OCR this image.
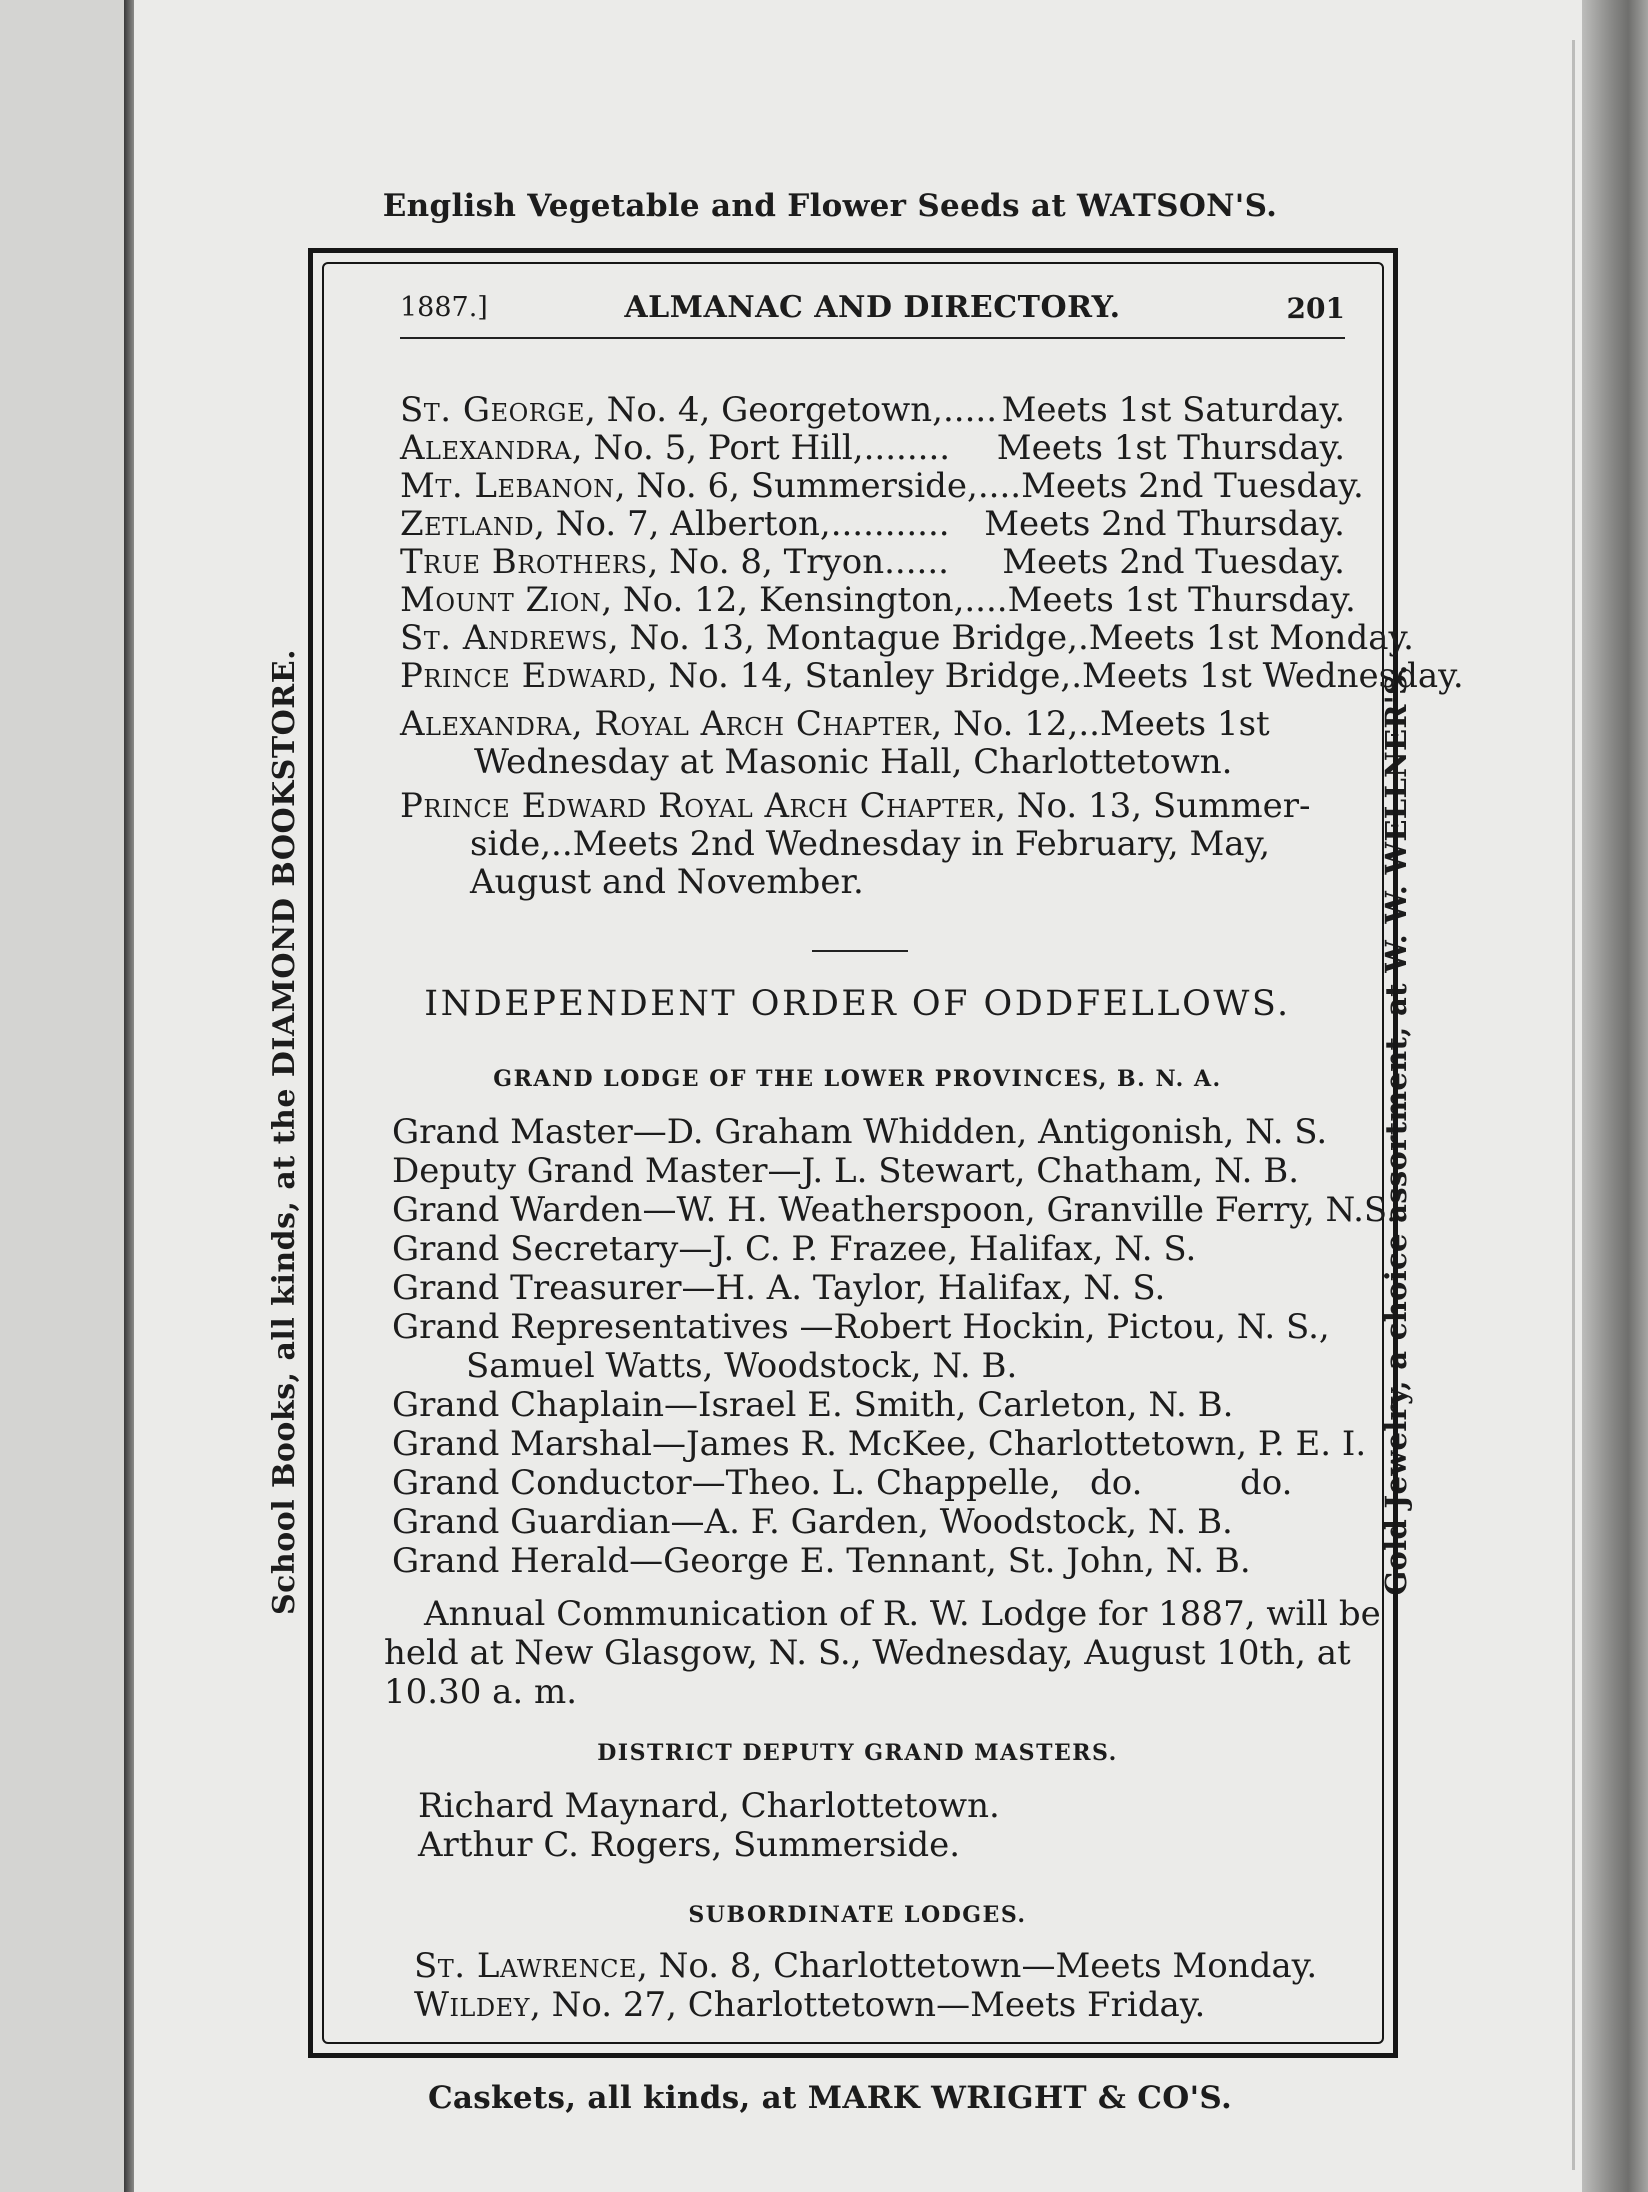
English Vegetable and Flower Seeds at WATSON'S.
School Books, all kinds, at the DIAMOND BOOKSTORE.	Gold Jewelry, a choice assortment, at W. W. WELLNER'S.
Caskets, all kinds, at MARK WRIGHT & CO'S.
1887.]	ALMANAC AND DIRECTORY.	201
St. George, No. 4, Georgetown,..... Meets 1st Saturday.
Alexandra, No. 5, Port Hill,........ Meets 1st Thursday.
Mt. Lebanon, No. 6, Summerside,.... Meets 2nd Tuesday.
Zetland, No. 7, Alberton,........... Meets 2nd Thursday.
True Brothers, No. 8, Tryon...... Meets 2nd Tuesday.
Mount Zion, No. 12, Kensington,.... Meets 1st Thursday.
St. Andrews, No. 13, Montague Bridge,. Meets 1st Monday.
Prince Edward, No. 14, Stanley Bridge,. Meets 1st Wednesday.
Alexandra, Royal Arch Chapter, No. 12,..Meets 1st
Wednesday at Masonic Hall, Charlottetown.
Prince Edward Royal Arch Chapter, No. 13, Summer-
side,..Meets 2nd Wednesday in February, May,
August and November.
INDEPENDENT ORDER OF ODDFELLOWS.
GRAND LODGE OF THE LOWER PROVINCES, B. N. A.
Grand Master—D. Graham Whidden, Antigonish, N. S.
Deputy Grand Master—J. L. Stewart, Chatham, N. B.
Grand Warden—W. H. Weatherspoon, Granville Ferry, N.S.
Grand Secretary—J. C. P. Frazee, Halifax, N. S.
Grand Treasurer—H. A. Taylor, Halifax, N. S.
Grand Representatives —Robert Hockin, Pictou, N. S.,
Samuel Watts, Woodstock, N. B.
Grand Chaplain—Israel E. Smith, Carleton, N. B.
Grand Marshal—James R. McKee, Charlottetown, P. E. I.
Grand Conductor—Theo. L. Chappelle, do.	do.
Grand Guardian—A. F. Garden, Woodstock, N. B.
Grand Herald—George E. Tennant, St. John, N. B.
Annual Communication of R. W. Lodge for 1887, will be
held at New Glasgow, N. S., Wednesday, August 10th, at
10.30 a. m.
DISTRICT DEPUTY GRAND MASTERS.
Richard Maynard, Charlottetown.
Arthur C. Rogers, Summerside.
SUBORDINATE LODGES.
St. Lawrence, No. 8, Charlottetown—Meets Monday.
Wildey, No. 27, Charlottetown—Meets Friday.
